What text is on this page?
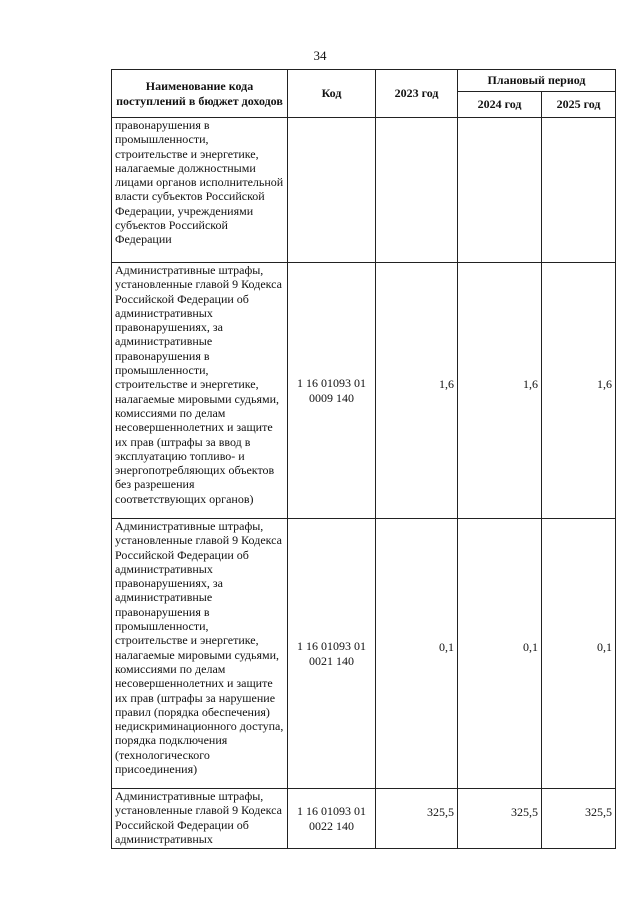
34
Наименование кода поступлений в бюджет доходов	Код	2023 год	Плановый период	
			2024 год	2025 год
правонарушения в промышленности, строительстве и энергетике, налагаемые должностными лицами органов исполнительной власти субъектов Российской Федерации, учреждениями субъектов Российской Федерации				
Административные штрафы, установленные главой 9 Кодекса Российской Федерации об административных правонарушениях, за административные правонарушения в промышленности, строительстве и энергетике, налагаемые мировыми судьями, комиссиями по делам несовершеннолетних и защите их прав (штрафы за ввод в эксплуатацию топливо- и энергопотребляющих объектов без разрешения соответствующих органов)	1 16 01093 01 0009 140	1,6	1,6	1,6
Административные штрафы, установленные главой 9 Кодекса Российской Федерации об административных правонарушениях, за административные правонарушения в промышленности, строительстве и энергетике, налагаемые мировыми судьями, комиссиями по делам несовершеннолетних и защите их прав (штрафы за нарушение правил (порядка обеспечения) недискриминационного доступа, порядка подключения (технологического присоединения)	1 16 01093 01 0021 140	0,1	0,1	0,1
Административные штрафы, установленные главой 9 Кодекса Российской Федерации об административных	1 16 01093 01 0022 140	325,5	325,5	325,5
